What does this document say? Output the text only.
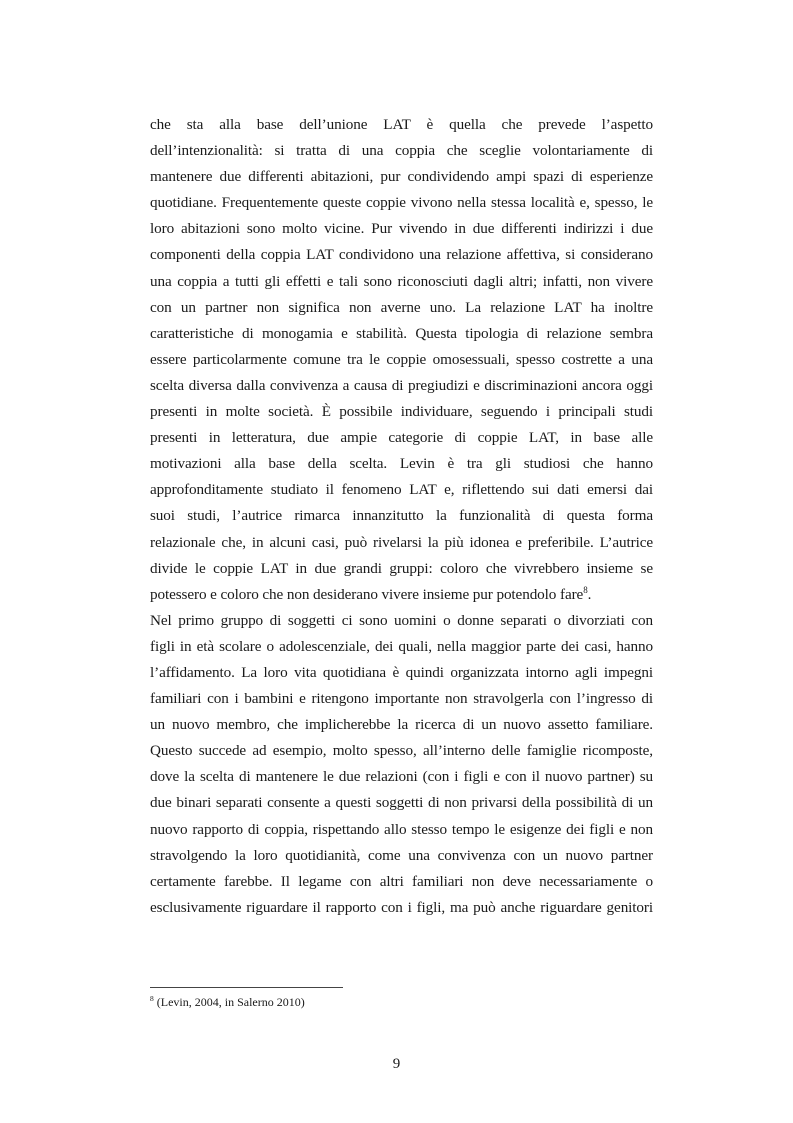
che sta alla base dell’unione LAT è quella che prevede l’aspetto
dell’intenzionalità: si tratta di una coppia che sceglie volontariamente di
mantenere due differenti abitazioni, pur condividendo ampi spazi di esperienze
quotidiane. Frequentemente queste coppie vivono nella stessa località e, spesso, le
loro abitazioni sono molto vicine. Pur vivendo in due differenti indirizzi i due
componenti della coppia LAT condividono una relazione affettiva, si considerano
una coppia a tutti gli effetti e tali sono riconosciuti dagli altri; infatti, non vivere
con un partner non significa non averne uno. La relazione LAT ha inoltre
caratteristiche di monogamia e stabilità. Questa tipologia di relazione sembra
essere particolarmente comune tra le coppie omosessuali, spesso costrette a una
scelta diversa dalla convivenza a causa di pregiudizi e discriminazioni ancora oggi
presenti in molte società. È possibile individuare, seguendo i principali studi
presenti in letteratura, due ampie categorie di coppie LAT, in base alle
motivazioni alla base della scelta. Levin è tra gli studiosi che hanno
approfonditamente studiato il fenomeno LAT e, riflettendo sui dati emersi dai
suoi studi, l’autrice rimarca innanzitutto la funzionalità di questa forma
relazionale che, in alcuni casi, può rivelarsi la più idonea e preferibile. L’autrice
divide le coppie LAT in due grandi gruppi: coloro che vivrebbero insieme se
potessero e coloro che non desiderano vivere insieme pur potendolo fare$^8$.
Nel primo gruppo di soggetti ci sono uomini o donne separati o divorziati con
figli in età scolare o adolescenziale, dei quali, nella maggior parte dei casi, hanno
l’affidamento. La loro vita quotidiana è quindi organizzata intorno agli impegni
familiari con i bambini e ritengono importante non stravolgerla con l’ingresso di
un nuovo membro, che implicherebbe la ricerca di un nuovo assetto familiare.
Questo succede ad esempio, molto spesso, all’interno delle famiglie ricomposte,
dove la scelta di mantenere le due relazioni (con i figli e con il nuovo partner) su
due binari separati consente a questi soggetti di non privarsi della possibilità di un
nuovo rapporto di coppia, rispettando allo stesso tempo le esigenze dei figli e non
stravolgendo la loro quotidianità, come una convivenza con un nuovo partner
certamente farebbe. Il legame con altri familiari non deve necessariamente o
esclusivamente riguardare il rapporto con i figli, ma può anche riguardare genitori
$^8$ (Levin, 2004, in Salerno 2010)
9
